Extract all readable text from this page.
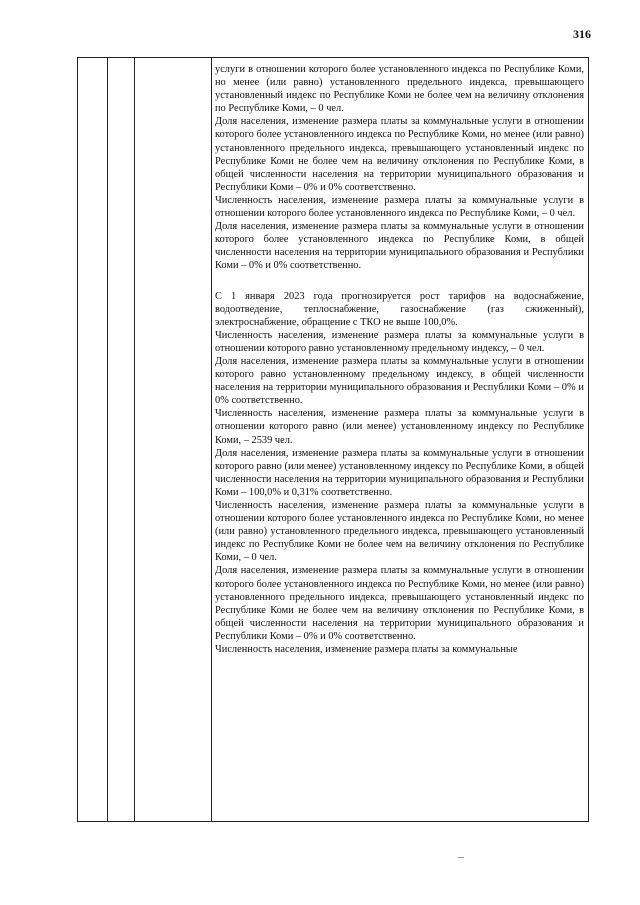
316

услуги в отношении которого более установленного индекса по Республике Коми, но менее (или равно) установленного предельного индекса, превышающего установленный индекс по Республике Коми не более чем на величину отклонения по Республике Коми, – 0 чел.

Доля населения, изменение размера платы за коммунальные услуги в отношении которого более установленного индекса по Республике Коми, но менее (или равно) установленного предельного индекса, превышающего установленный индекс по Республике Коми не более чем на величину отклонения по Республике Коми, в общей численности населения на территории муниципального образования и Республики Коми – 0% и 0% соответственно.

Численность населения, изменение размера платы за коммунальные услуги в отношении которого более установленного индекса по Республике Коми, – 0 чел.

Доля населения, изменение размера платы за коммунальные услуги в отношении которого более установленного индекса по Республике Коми, в общей численности населения на территории муниципального образования и Республики Коми – 0% и 0% соответственно.

С 1 января 2023 года прогнозируется рост тарифов на водоснабжение, водоотведение, теплоснабжение, газоснабжение (газ сжиженный), электроснабжение, обращение с ТКО не выше 100,0%.

Численность населения, изменение размера платы за коммунальные услуги в отношении которого равно установленному предельному индексу, – 0 чел.

Доля населения, изменение размера платы за коммунальные услуги в отношении которого равно установленному предельному индексу, в общей численности населения на территории муниципального образования и Республики Коми – 0% и 0% соответственно.

Численность населения, изменение размера платы за коммунальные услуги в отношении которого равно (или менее) установленному индексу по Республике Коми, – 2539 чел.

Доля населения, изменение размера платы за коммунальные услуги в отношении которого равно (или менее) установленному индексу по Республике Коми, в общей численности населения на территории муниципального образования и Республики Коми – 100,0% и 0,31% соответственно.

Численность населения, изменение размера платы за коммунальные услуги в отношении которого более установленного индекса по Республике Коми, но менее (или равно) установленного предельного индекса, превышающего установленный индекс по Республике Коми не более чем на величину отклонения по Республике Коми, – 0 чел.

Доля населения, изменение размера платы за коммунальные услуги в отношении которого более установленного индекса по Республике Коми, но менее (или равно) установленного предельного индекса, превышающего установленный индекс по Республике Коми не более чем на величину отклонения по Республике Коми, в общей численности населения на территории муниципального образования и Республики Коми – 0% и 0% соответственно.

Численность населения, изменение размера платы за коммунальные
